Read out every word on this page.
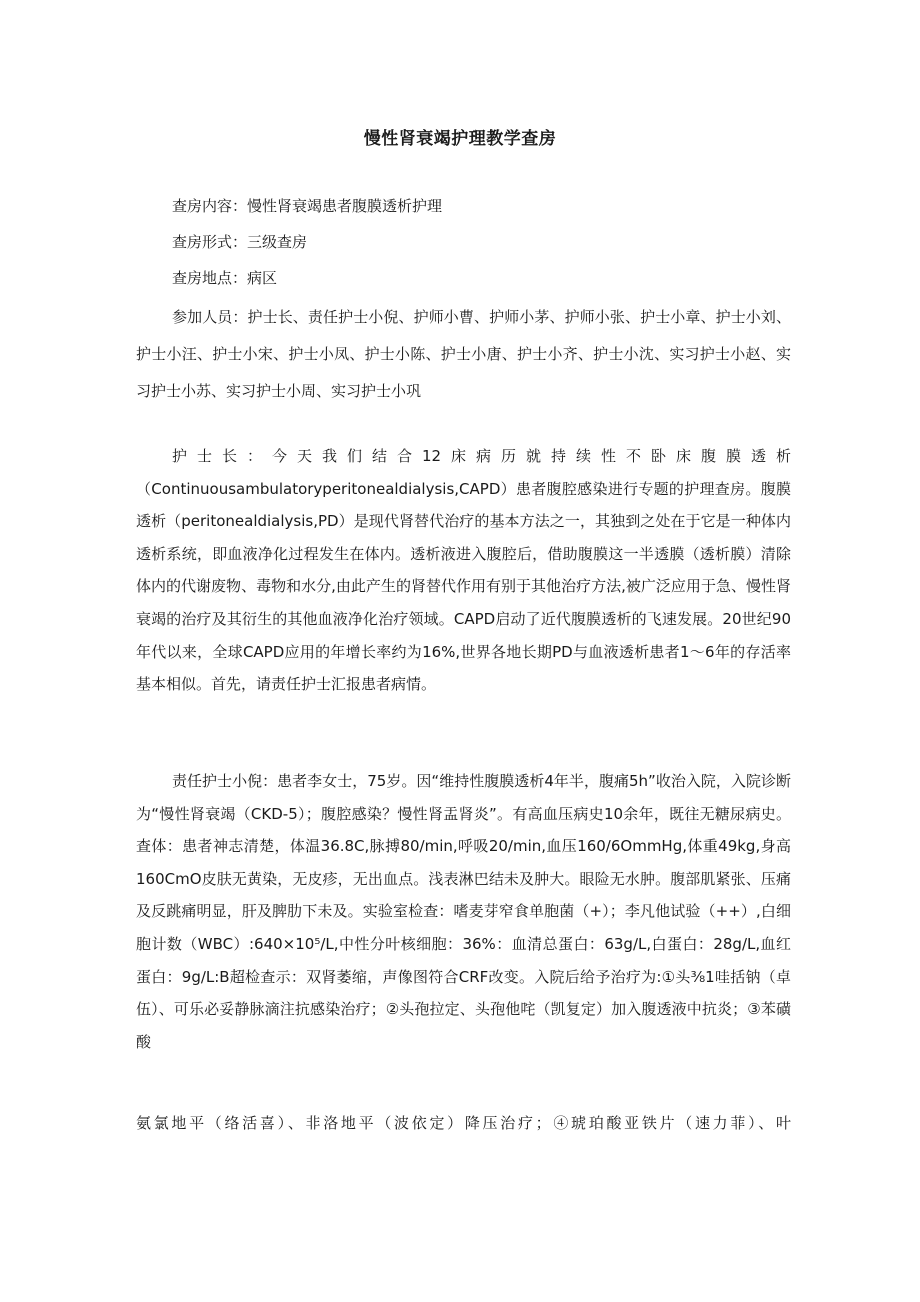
慢性肾衰竭护理教学查房

查房内容：慢性肾衰竭患者腹膜透析护理

查房形式：三级查房

查房地点：病区

参加人员：护士长、责任护士小倪、护师小曹、护师小茅、护师小张、护士小章、护士小刘、护士小汪、护士小宋、护士小凤、护士小陈、护士小唐、护士小齐、护士小沈、实习护士小赵、实习护士小苏、实习护士小周、实习护士小巩

护士长：今天我们结合12床病历就持续性不卧床腹膜透析（Continuousambulatoryperitonealdialysis,CAPD）患者腹腔感染进行专题的护理查房。腹膜透析（peritonealdialysis,PD）是现代肾替代治疗的基本方法之一，其独到之处在于它是一种体内透析系统，即血液净化过程发生在体内。透析液进入腹腔后，借助腹膜这一半透膜（透析膜）清除体内的代谢废物、毒物和水分,由此产生的肾替代作用有别于其他治疗方法,被广泛应用于急、慢性肾衰竭的治疗及其衍生的其他血液净化治疗领域。CAPD启动了近代腹膜透析的飞速发展。20世纪90年代以来，全球CAPD应用的年增长率约为16%,世界各地长期PD与血液透析患者1～6年的存活率基本相似。首先，请责任护士汇报患者病情。

责任护士小倪：患者李女士，75岁。因“维持性腹膜透析4年半，腹痛5h”收治入院，入院诊断为“慢性肾衰竭（CKD-5）；腹腔感染？慢性肾盂肾炎”。有高血压病史10余年，既往无糖尿病史。查体：患者神志清楚，体温36.8C,脉搏80∕min,呼吸20∕min,血压160/6OmmHg,体重49kg,身高160CmO皮肤无黄染，无皮疹，无出血点。浅表淋巴结未及肿大。眼险无水肿。腹部肌紧张、压痛及反跳痛明显，肝及脾肋下未及。实验室检查：嗜麦芽窄食单胞菌（+）；李凡他试验（++）,白细胞计数（WBC）:640×10⁵/L,中性分叶核细胞：36%：血清总蛋白：63g∕L,白蛋白：28g/L,血红蛋白：9g∕L:B超检查示：双肾萎缩，声像图符合CRF改变。入院后给予治疗为:①头⅜1哇括钠（卓伍）、可乐必妥静脉滴注抗感染治疗；②头孢拉定、头孢他咤（凯复定）加入腹透液中抗炎；③苯磺酸

氨氯地平（络活喜）、非洛地平（波依定）降压治疗；④琥珀酸亚铁片（速力菲）、叶
